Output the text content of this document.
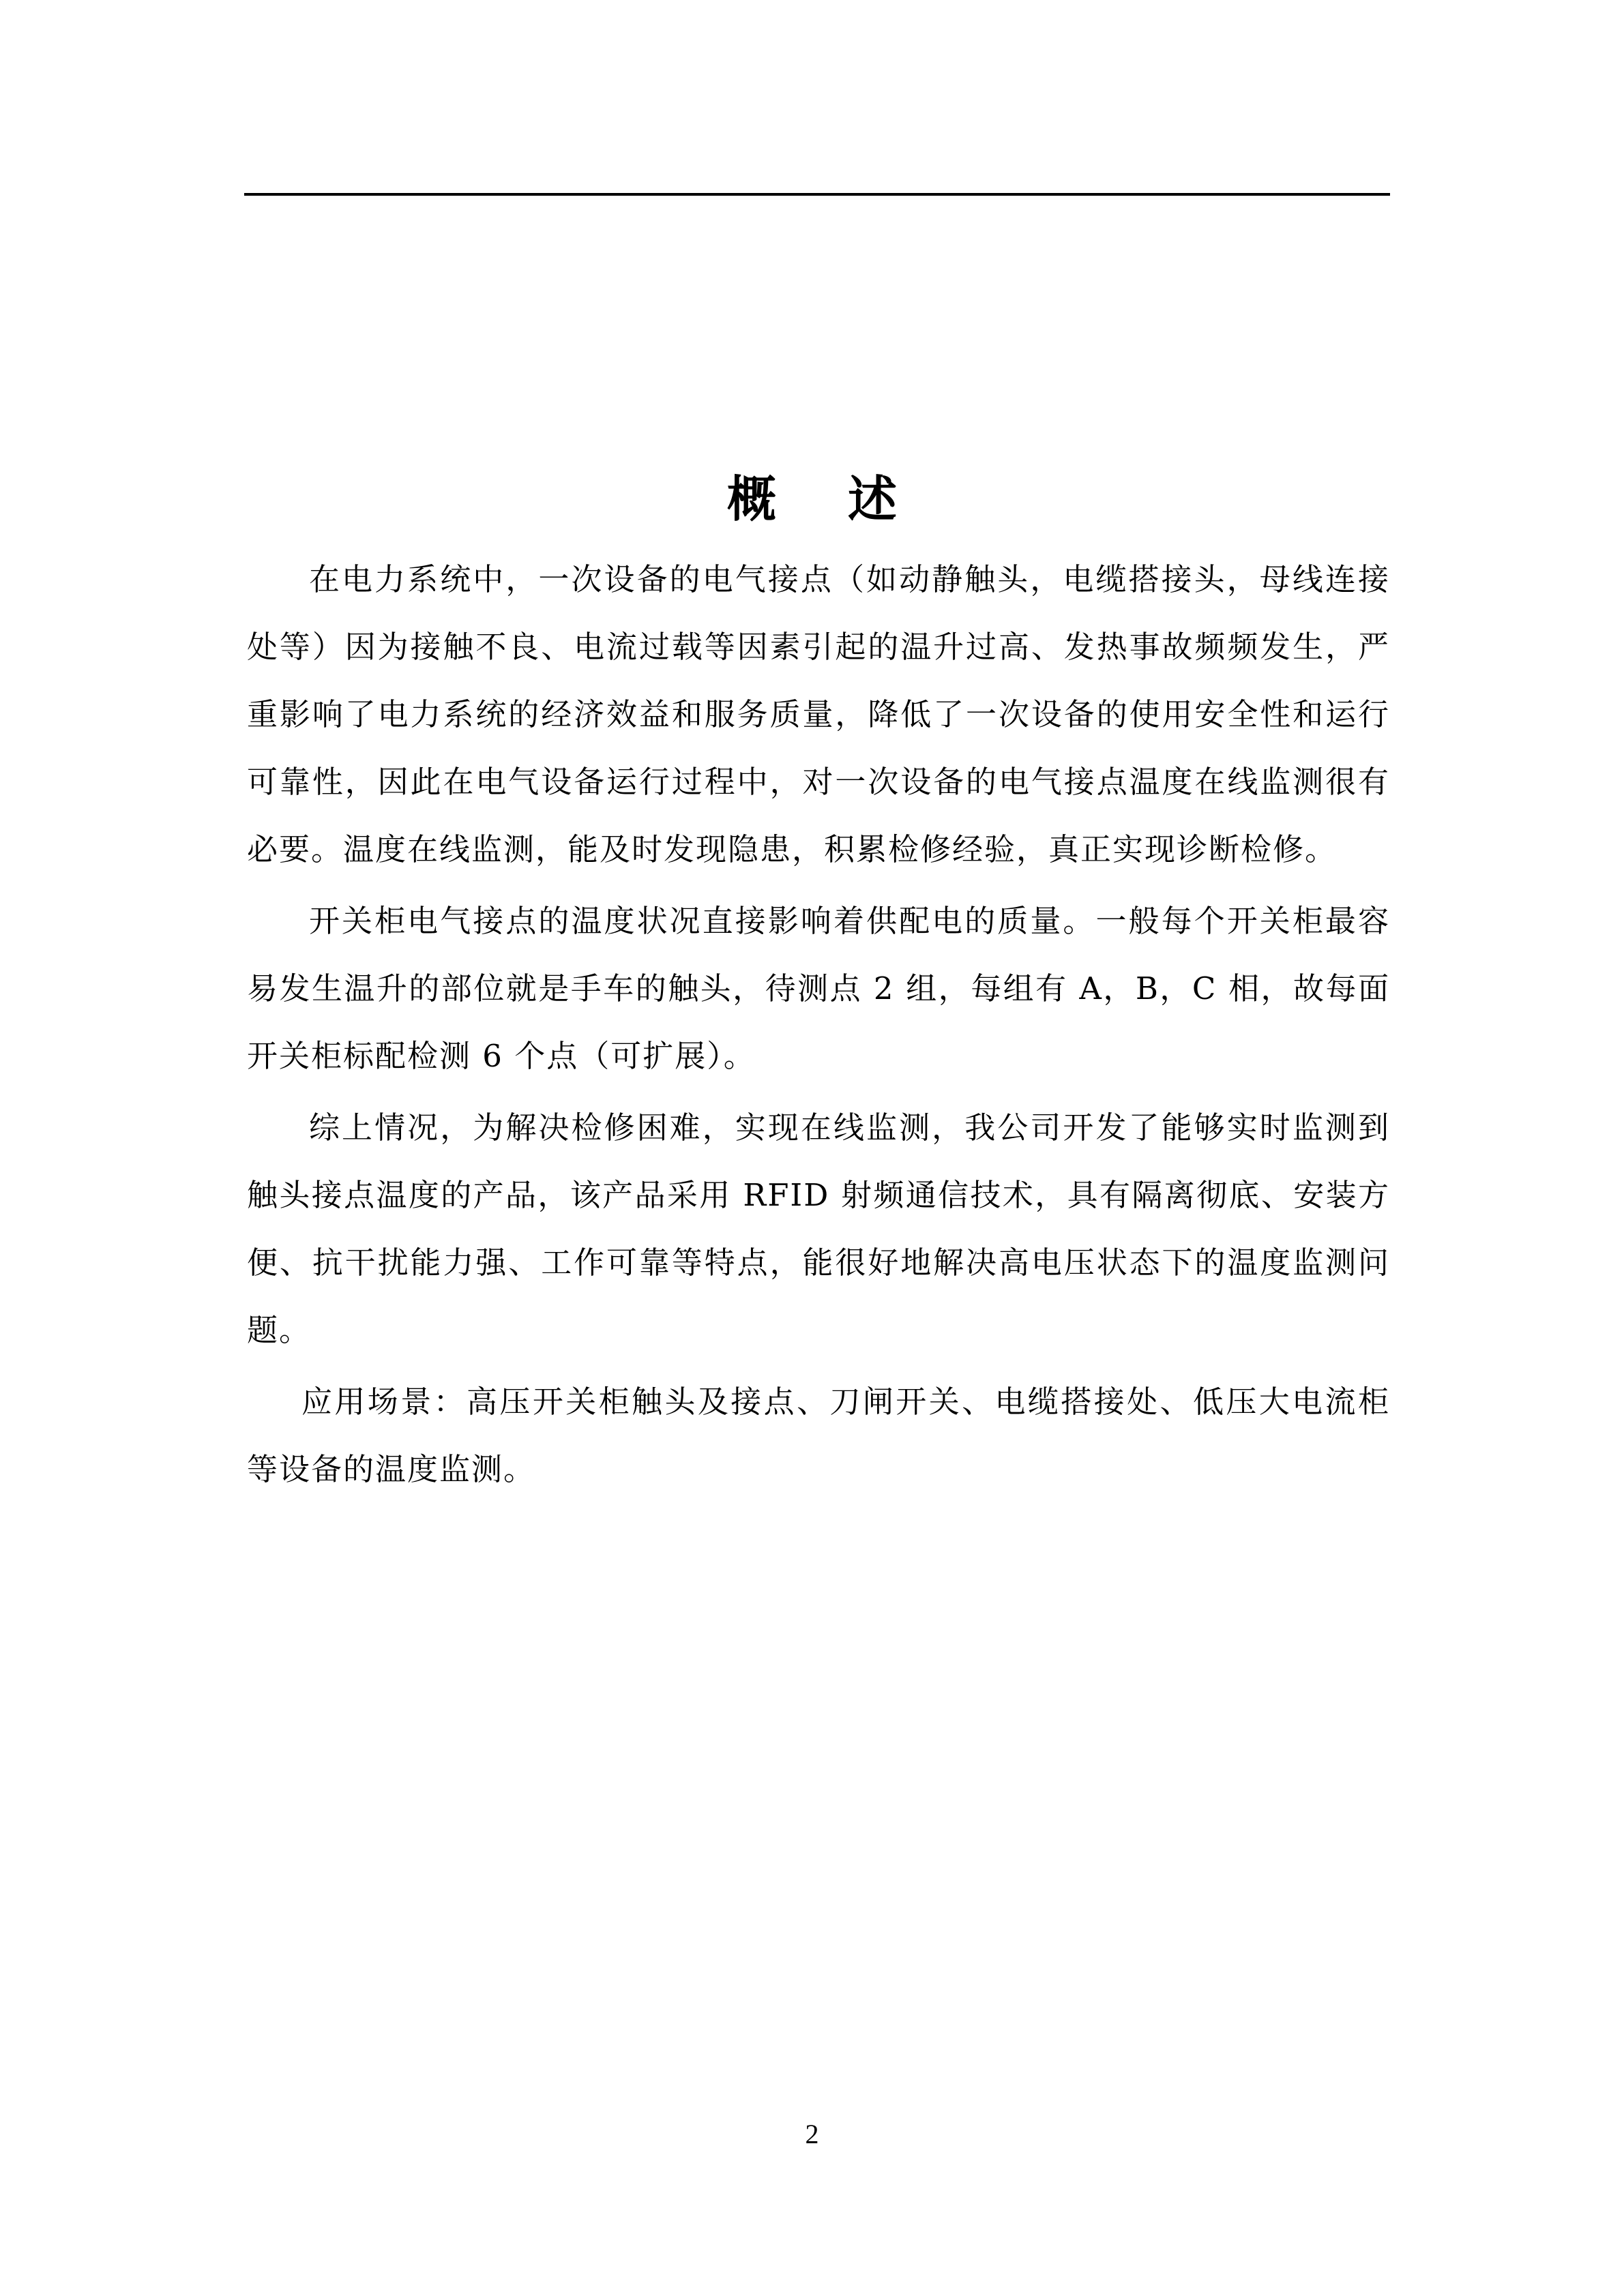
概 述

在电力系统中，一次设备的电气接点（如动静触头，电缆搭接头，母线连接处等）因为接触不良、电流过载等因素引起的温升过高、发热事故频频发生，严重影响了电力系统的经济效益和服务质量，降低了一次设备的使用安全性和运行可靠性，因此在电气设备运行过程中，对一次设备的电气接点温度在线监测很有必要。温度在线监测，能及时发现隐患，积累检修经验，真正实现诊断检修。

开关柜电气接点的温度状况直接影响着供配电的质量。一般每个开关柜最容易发生温升的部位就是手车的触头，待测点 2 组，每组有 A，B，C 相，故每面开关柜标配检测 6 个点（可扩展）。

综上情况，为解决检修困难，实现在线监测，我公司开发了能够实时监测到触头接点温度的产品，该产品采用 RFID 射频通信技术，具有隔离彻底、安装方便、抗干扰能力强、工作可靠等特点，能很好地解决高电压状态下的温度监测问题。

应用场景：高压开关柜触头及接点、刀闸开关、电缆搭接处、低压大电流柜等设备的温度监测。

2
